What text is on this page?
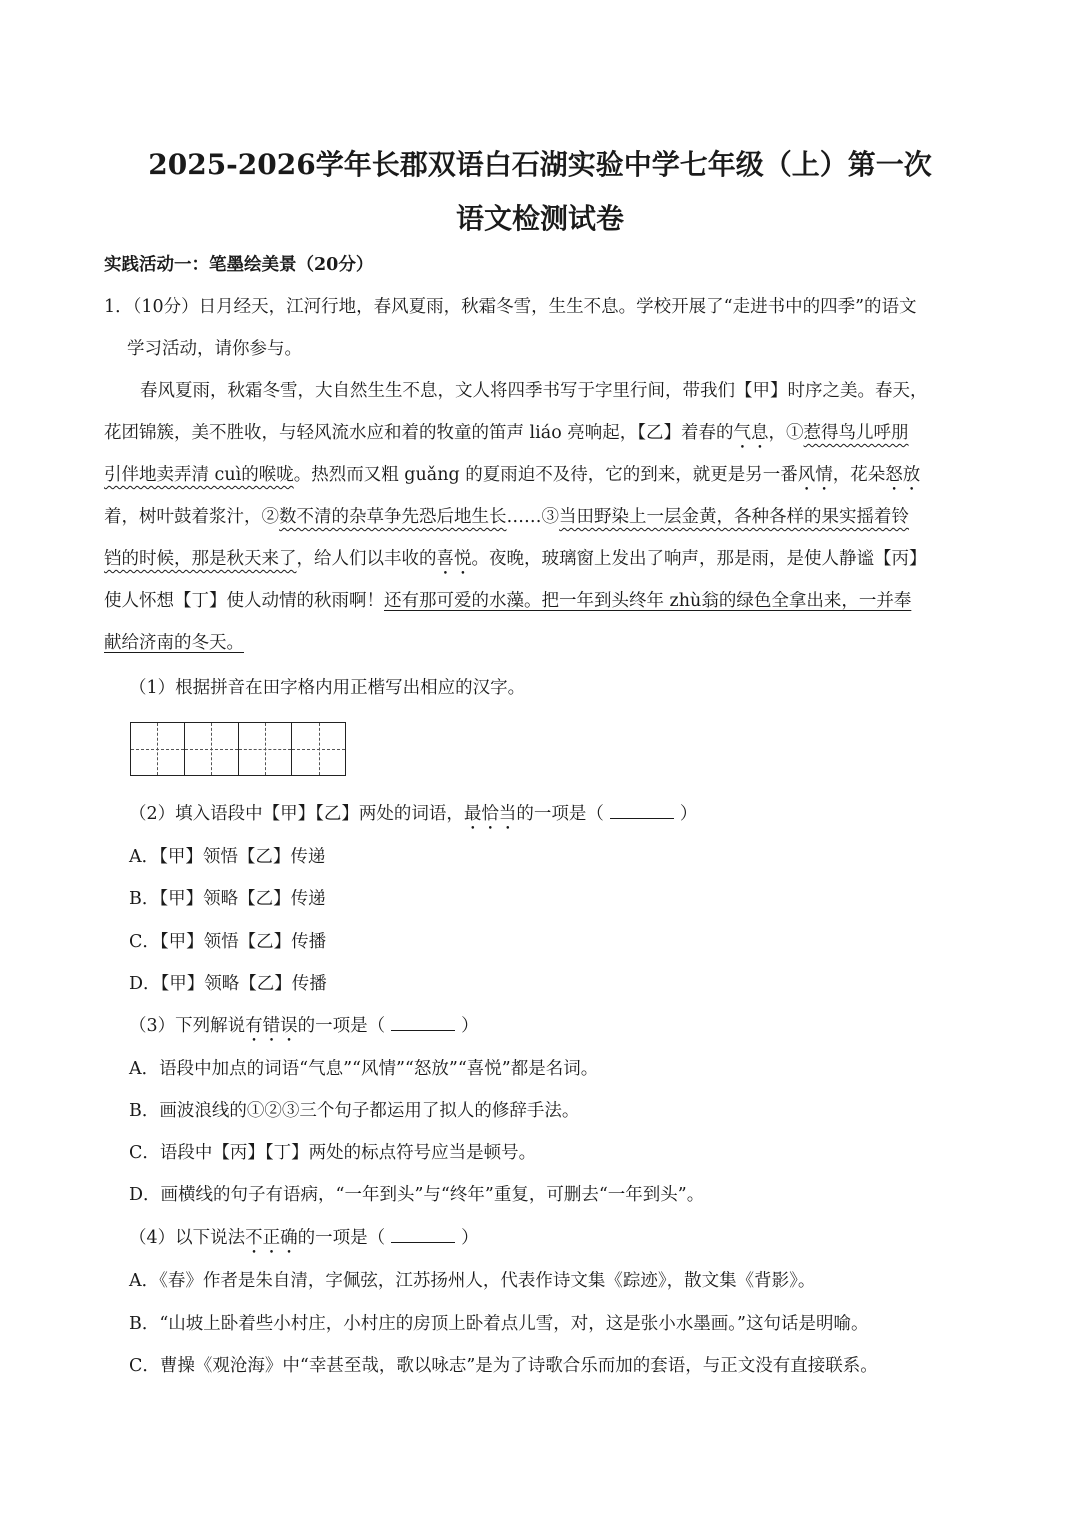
2025-2026学年长郡双语白石湖实验中学七年级（上）第一次
语文检测试卷
实践活动一：笔墨绘美景（20分）
1．（10分）日月经天，江河行地，春风夏雨，秋霜冬雪，生生不息。学校开展了“走进书中的四季”的语文
学习活动，请你参与。
春风夏雨，秋霜冬雪，大自然生生不息，文人将四季书写于字里行间，带我们【甲】时序之美。春天，
花团锦簇，美不胜收，与轻风流水应和着的牧童的笛声 liáo 亮响起，【乙】着春的气息，①惹得鸟儿呼朋
引伴地卖弄清 cuì的喉咙。热烈而又粗 guǎng 的夏雨迫不及待，它的到来，就更是另一番风情，花朵怒放
着，树叶鼓着浆汁，②数不清的杂草争先恐后地生长……③当田野染上一层金黄，各种各样的果实摇着铃
铛的时候，那是秋天来了，给人们以丰收的喜悦。夜晚，玻璃窗上发出了响声，那是雨，是使人静谧【丙】
使人怀想【丁】使人动情的秋雨啊！还有那可爱的水藻。把一年到头终年 zhù翁的绿色全拿出来，一并奉
献给济南的冬天。
（1）根据拼音在田字格内用正楷写出相应的汉字。
（2）填入语段中【甲】【乙】两处的词语，最恰当的一项是（	）
A．【甲】领悟【乙】传递
B．【甲】领略【乙】传递
C．【甲】领悟【乙】传播
D．【甲】领略【乙】传播
（3）下列解说有错误的一项是（	）
A．语段中加点的词语“气息”“风情”“怒放”“喜悦”都是名词。
B．画波浪线的①②③三个句子都运用了拟人的修辞手法。
C．语段中【丙】【丁】两处的标点符号应当是顿号。
D．画横线的句子有语病，“一年到头”与“终年”重复，可删去“一年到头”。
（4）以下说法不正确的一项是（	）
A．《春》作者是朱自清，字佩弦，江苏扬州人，代表作诗文集《踪迹》，散文集《背影》。
B．“山坡上卧着些小村庄，小村庄的房顶上卧着点儿雪，对，这是张小水墨画。”这句话是明喻。
C．曹操《观沧海》中“幸甚至哉，歌以咏志”是为了诗歌合乐而加的套语，与正文没有直接联系。
